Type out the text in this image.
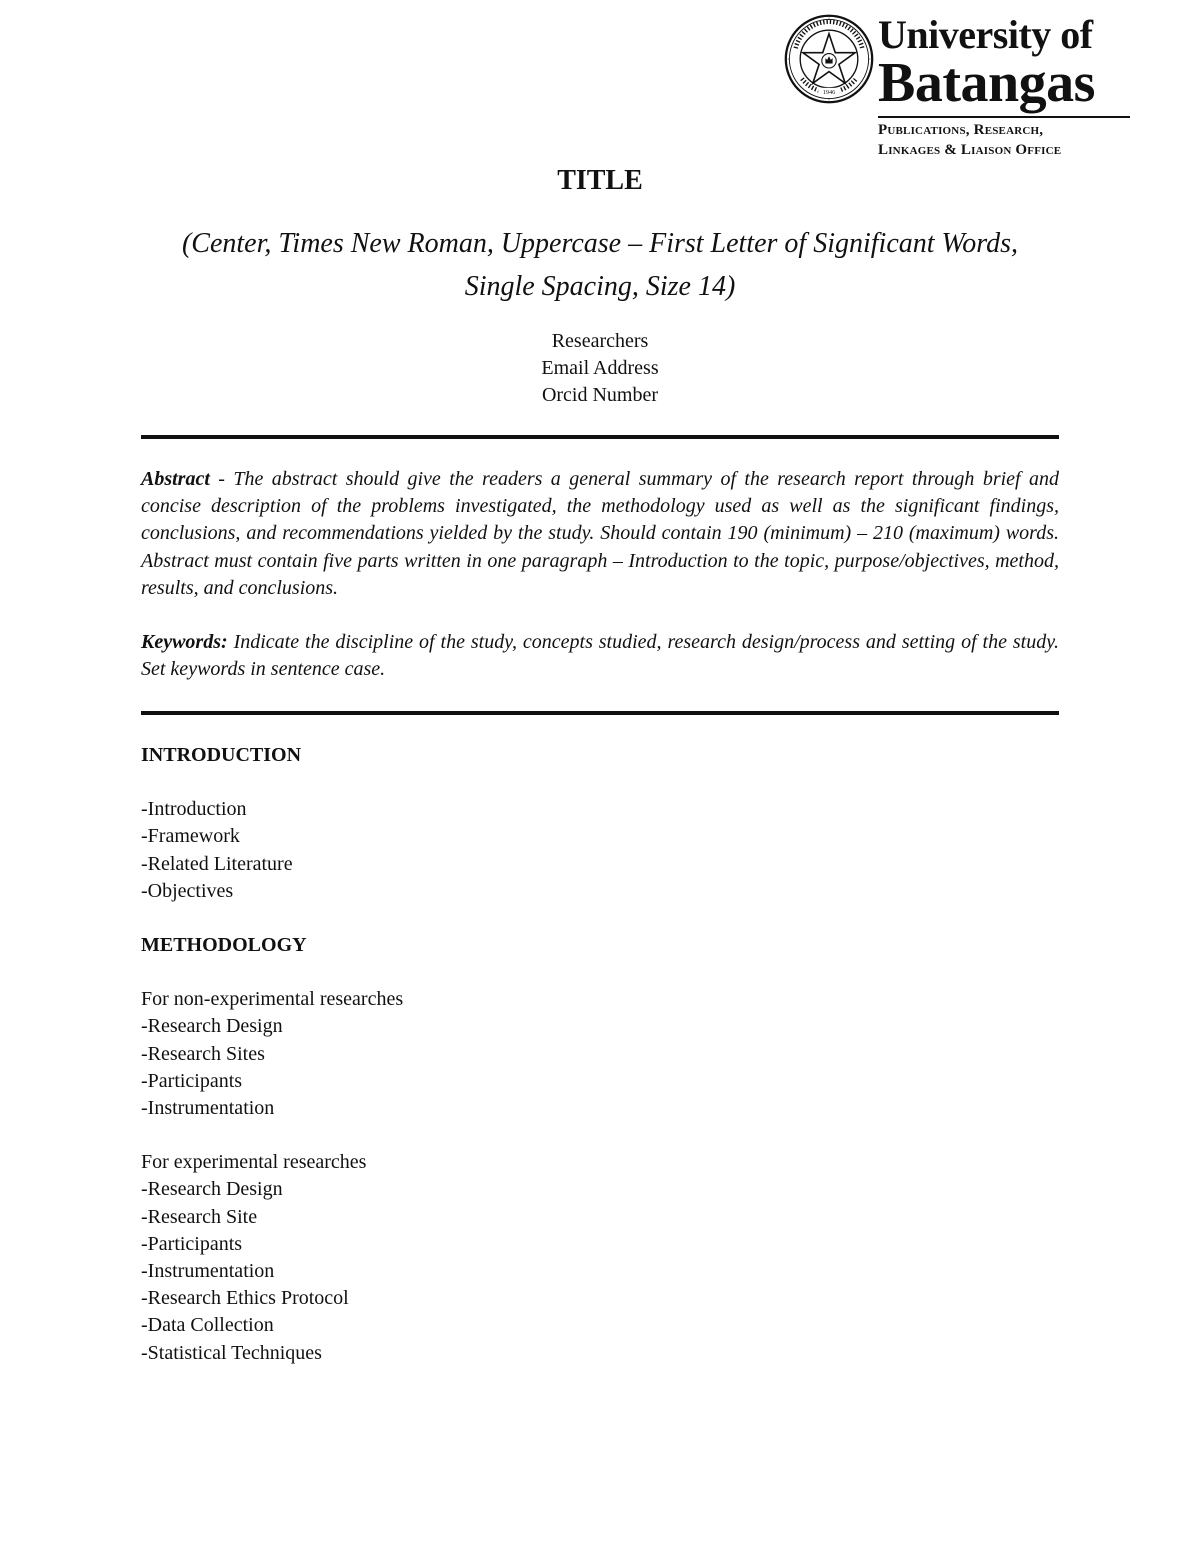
1946
University of
Batangas
Publications, Research,
Linkages & Liaison Office
TITLE
(Center, Times New Roman, Uppercase – First Letter of Significant Words, Single Spacing, Size 14)
Researchers
Email Address
Orcid Number
Abstract - The abstract should give the readers a general summary of the research report through brief and concise description of the problems investigated, the methodology used as well as the significant findings, conclusions, and recommendations yielded by the study. Should contain 190 (minimum) – 210 (maximum) words. Abstract must contain five parts written in one paragraph – Introduction to the topic, purpose/objectives, method, results, and conclusions.
Keywords: Indicate the discipline of the study, concepts studied, research design/process and setting of the study. Set keywords in sentence case.
INTRODUCTION
-Introduction
-Framework
-Related Literature
-Objectives
METHODOLOGY
For non-experimental researches
-Research Design
-Research Sites
-Participants
-Instrumentation
For experimental researches
-Research Design
-Research Site
-Participants
-Instrumentation
-Research Ethics Protocol
-Data Collection
-Statistical Techniques
